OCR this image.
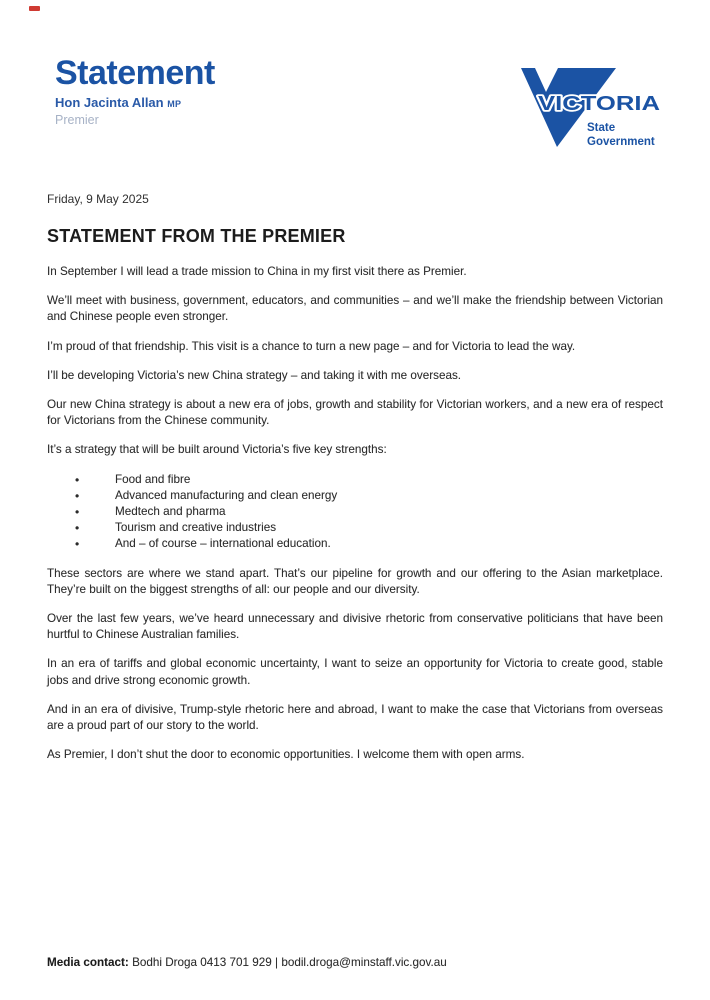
Statement
Hon Jacinta Allan MP
Premier
VICTORIA
State
Government

Friday, 9 May 2025

STATEMENT FROM THE PREMIER

In September I will lead a trade mission to China in my first visit there as Premier.

We’ll meet with business, government, educators, and communities – and we’ll make the friendship between Victorian and Chinese people even stronger.

I’m proud of that friendship. This visit is a chance to turn a new page – and for Victoria to lead the way.

I’ll be developing Victoria’s new China strategy – and taking it with me overseas.

Our new China strategy is about a new era of jobs, growth and stability for Victorian workers, and a new era of respect for Victorians from the Chinese community.

It’s a strategy that will be built around Victoria’s five key strengths:

• Food and fibre
• Advanced manufacturing and clean energy
• Medtech and pharma
• Tourism and creative industries
• And – of course – international education.

These sectors are where we stand apart. That’s our pipeline for growth and our offering to the Asian marketplace. They’re built on the biggest strengths of all: our people and our diversity.

Over the last few years, we’ve heard unnecessary and divisive rhetoric from conservative politicians that have been hurtful to Chinese Australian families.

In an era of tariffs and global economic uncertainty, I want to seize an opportunity for Victoria to create good, stable jobs and drive strong economic growth.

And in an era of divisive, Trump-style rhetoric here and abroad, I want to make the case that Victorians from overseas are a proud part of our story to the world.

As Premier, I don’t shut the door to economic opportunities. I welcome them with open arms.

Media contact: Bodhi Droga 0413 701 929 | bodil.droga@minstaff.vic.gov.au
